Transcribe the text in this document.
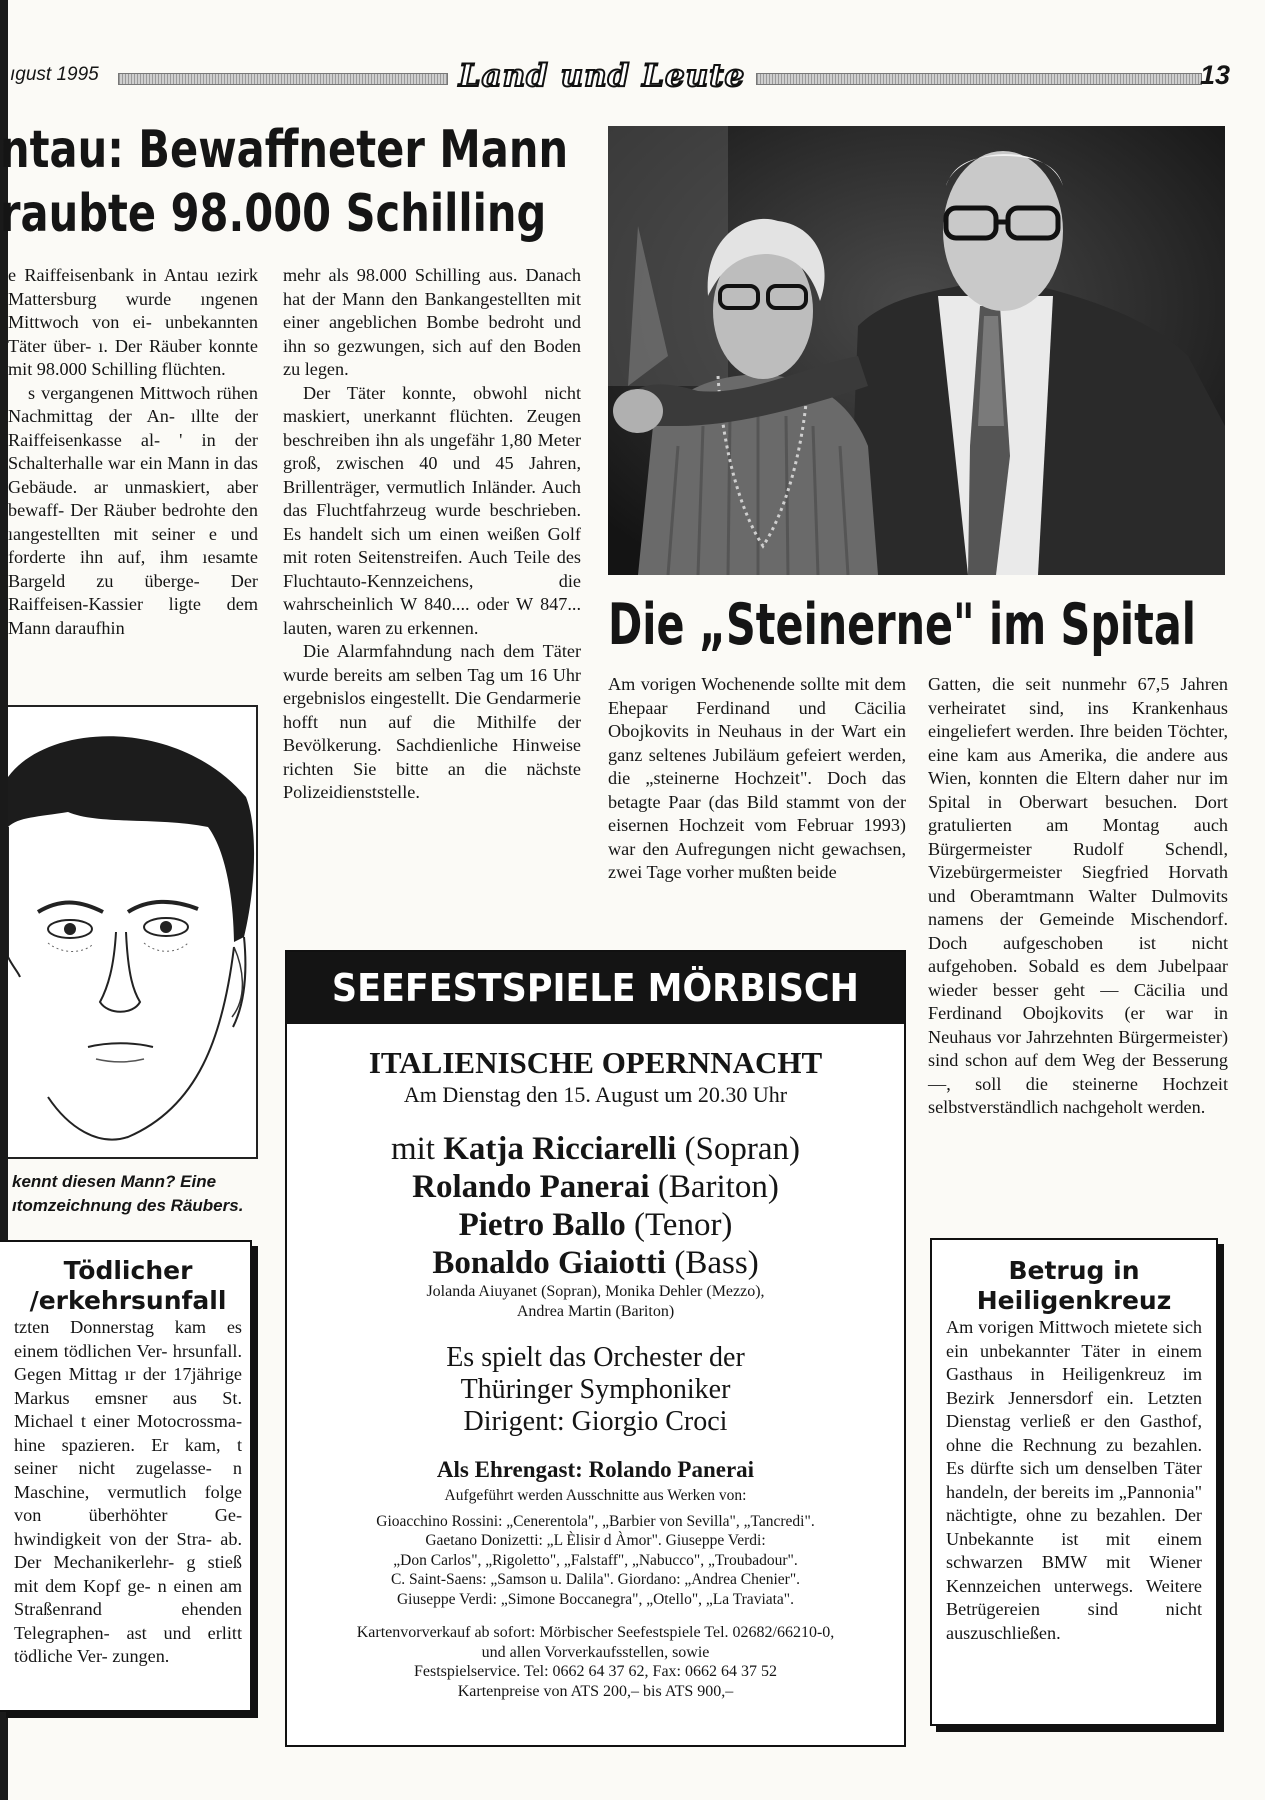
ıgust 1995	Land und Leute	13
ntau: Bewaffneter Mann
raubte 98.000 Schilling

e Raiffeisenbank in Antau ıezirk Mattersburg wurde ıngenen Mittwoch von ei- unbekannten Täter über- ı. Der Räuber konnte mit 98.000 Schilling flüchten.

s vergangenen Mittwoch rühen Nachmittag der An- ıllte der Raiffeisenkasse al- ' in der Schalterhalle war ein Mann in das Gebäude. ar unmaskiert, aber bewaff- Der Räuber bedrohte den ıangestellten mit seiner e und forderte ihn auf, ihm ıesamte Bargeld zu überge- Der Raiffeisen-Kassier ligte dem Mann daraufhin

mehr als 98.000 Schilling aus. Danach hat der Mann den Bankangestellten mit einer angeblichen Bombe bedroht und ihn so gezwungen, sich auf den Boden zu legen.

Der Täter konnte, obwohl nicht maskiert, unerkannt flüchten. Zeugen beschreiben ihn als ungefähr 1,80 Meter groß, zwischen 40 und 45 Jahren, Brillenträger, vermutlich Inländer. Auch das Fluchtfahrzeug wurde beschrieben. Es handelt sich um einen weißen Golf mit roten Seitenstreifen. Auch Teile des Fluchtauto-Kennzeichens, die wahrscheinlich W 840.... oder W 847... lauten, waren zu erkennen.

Die Alarmfahndung nach dem Täter wurde bereits am selben Tag um 16 Uhr ergebnislos eingestellt. Die Gendarmerie hofft nun auf die Mithilfe der Bevölkerung. Sachdienliche Hinweise richten Sie bitte an die nächste Polizeidienststelle.

kennt diesen Mann? Eine
ıtomzeichnung des Räubers.
Tödlicher
/erkehrsunfall
tzten Donnerstag kam es einem tödlichen Ver- hrsunfall. Gegen Mittag ır der 17jährige Markus emsner aus St. Michael t einer Motocrossma- hine spazieren. Er kam, t seiner nicht zugelasse- n Maschine, vermutlich folge von überhöhter Ge- hwindigkeit von der Stra- ab. Der Mechanikerlehr- g stieß mit dem Kopf ge- n einen am Straßenrand ehenden Telegraphen- ast und erlitt tödliche Ver- zungen.
Die „Steinerne" im Spital

Am vorigen Wochenende sollte mit dem Ehepaar Ferdinand und Cäcilia Obojkovits in Neuhaus in der Wart ein ganz seltenes Jubiläum gefeiert werden, die „steinerne Hochzeit". Doch das betagte Paar (das Bild stammt von der eisernen Hochzeit vom Februar 1993) war den Aufregungen nicht gewachsen, zwei Tage vorher mußten beide

Gatten, die seit nunmehr 67,5 Jahren verheiratet sind, ins Krankenhaus eingeliefert werden. Ihre beiden Töchter, eine kam aus Amerika, die andere aus Wien, konnten die Eltern daher nur im Spital in Oberwart besuchen. Dort gratulierten am Montag auch Bürgermeister Rudolf Schendl, Vizebürgermeister Siegfried Horvath und Oberamtmann Walter Dulmovits namens der Gemeinde Mischendorf. Doch aufgeschoben ist nicht aufgehoben. Sobald es dem Jubelpaar wieder besser geht — Cäcilia und Ferdinand Obojkovits (er war in Neuhaus vor Jahrzehnten Bürgermeister) sind schon auf dem Weg der Besserung —, soll die steinerne Hochzeit selbstverständlich nachgeholt werden.

Betrug in
Heiligenkreuz
Am vorigen Mittwoch mietete sich ein unbekannter Täter in einem Gasthaus in Heiligenkreuz im Bezirk Jennersdorf ein. Letzten Dienstag verließ er den Gasthof, ohne die Rechnung zu bezahlen. Es dürfte sich um denselben Täter handeln, der bereits im „Pannonia" nächtigte, ohne zu bezahlen. Der Unbekannte ist mit einem schwarzen BMW mit Wiener Kennzeichen unterwegs. Weitere Betrügereien sind nicht auszuschließen.
SEEFESTSPIELE MÖRBISCH
ITALIENISCHE OPERNNACHT
Am Dienstag den 15. August um 20.30 Uhr
mit Katja Ricciarelli (Sopran)
Rolando Panerai (Bariton)
Pietro Ballo (Tenor)
Bonaldo Giaiotti (Bass)
Jolanda Aiuyanet (Sopran), Monika Dehler (Mezzo),
Andrea Martin (Bariton)
Es spielt das Orchester der
Thüringer Symphoniker
Dirigent: Giorgio Croci
Als Ehrengast: Rolando Panerai
Aufgeführt werden Ausschnitte aus Werken von:
Gioacchino Rossini: „Cenerentola", „Barbier von Sevilla", „Tancredi".
Gaetano Donizetti: „L Èlisir d Àmor". Giuseppe Verdi:
„Don Carlos", „Rigoletto", „Falstaff", „Nabucco", „Troubadour".
C. Saint-Saens: „Samson u. Dalila". Giordano: „Andrea Chenier".
Giuseppe Verdi: „Simone Boccanegra", „Otello", „La Traviata".
Kartenvorverkauf ab sofort: Mörbischer Seefestspiele Tel. 02682/66210-0,
und allen Vorverkaufsstellen, sowie
Festspielservice. Tel: 0662 64 37 62, Fax: 0662 64 37 52
Kartenpreise von ATS 200,– bis ATS 900,–
